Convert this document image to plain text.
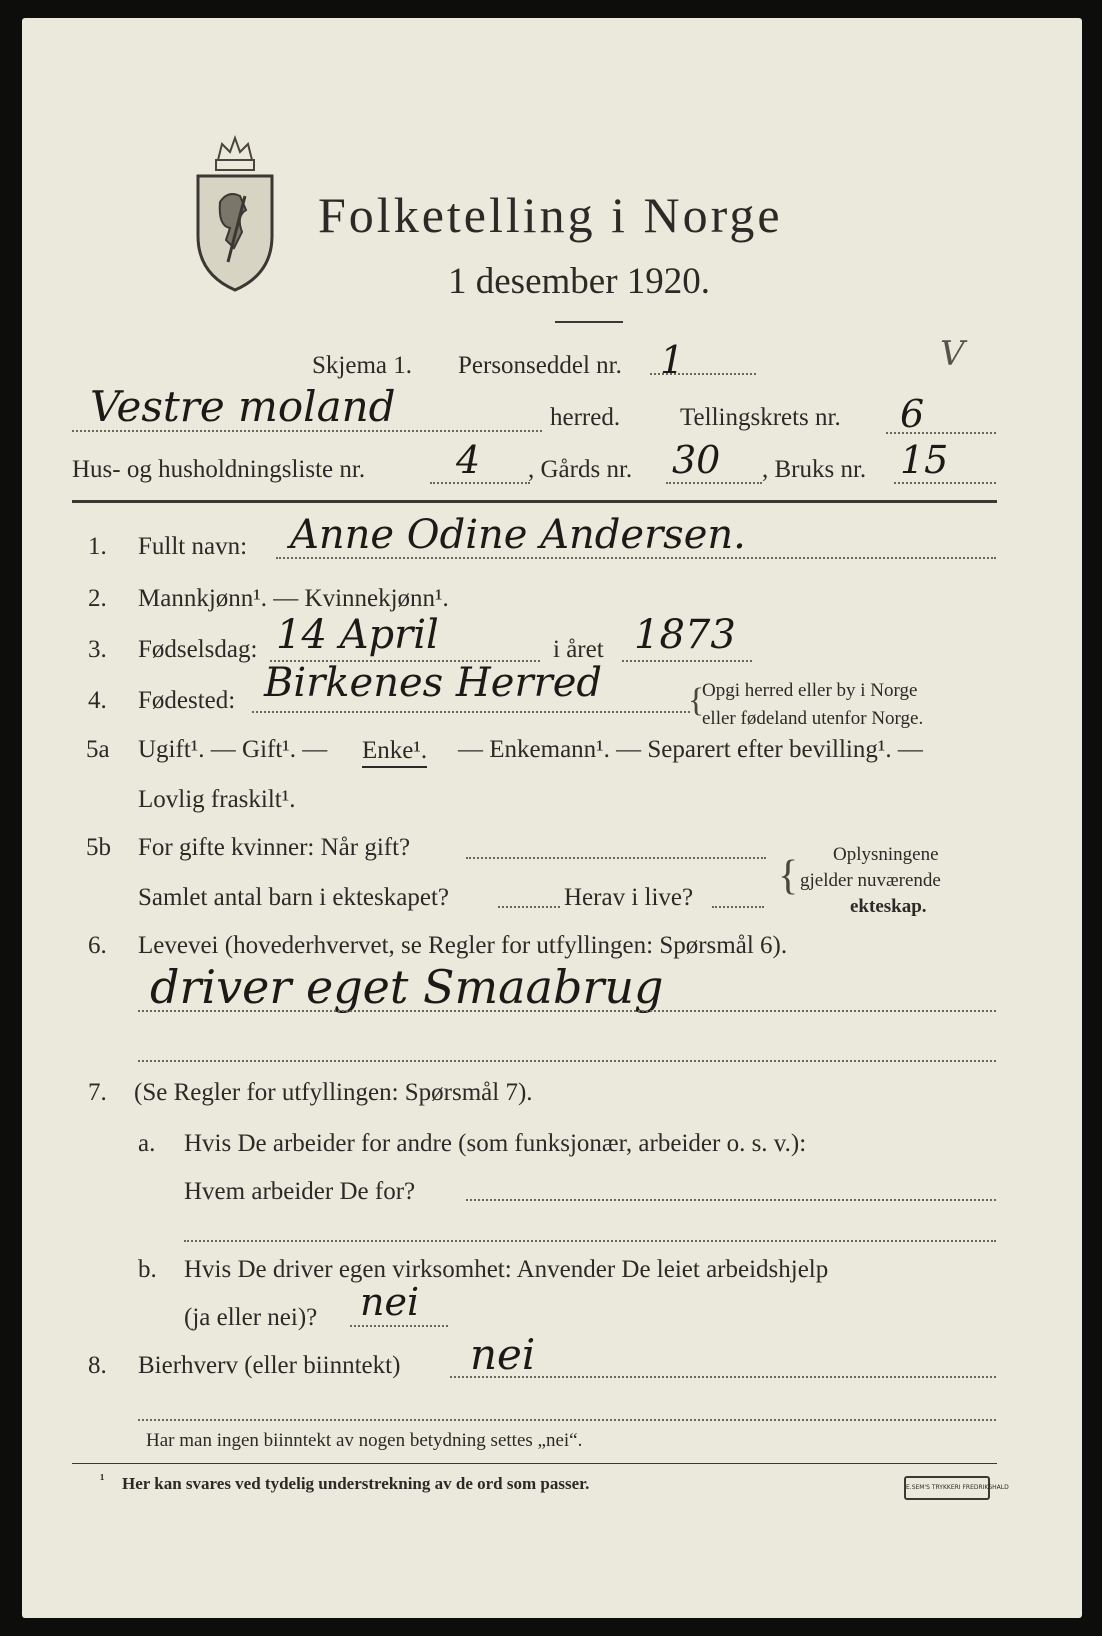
Folketelling i Norge
1 desember 1920.
Skjema 1. Personseddel nr. 1	V
Vestre moland	herred. Tellingskrets nr. 6
Hus- og husholdningsliste nr. 4 , Gårds nr. 30 , Bruks nr. 15
1. Fullt navn: Anne Odine Andersen.
2. Mannkjønn¹. — Kvinnekjønn¹.
3. Fødselsdag: 14 April	i året 1873
4. Fødested: Birkenes Herred	{
Opgi herred eller by i Norge
eller fødeland utenfor Norge.
5a Ugift¹. — Gift¹. — Enke¹. — Enkemann¹. — Separert efter bevilling¹. —
Lovlig fraskilt¹.
5b For gifte kvinner: Når gift?
Samlet antal barn i ekteskapet?	Herav i live? { Oplysningene
gjelder nuværende
ekteskap.
6. Levevei (hovederhvervet, se Regler for utfyllingen: Spørsmål 6).
driver eget Smaabrug
7. (Se Regler for utfyllingen: Spørsmål 7).
a. Hvis De arbeider for andre (som funksjonær, arbeider o. s. v.):
Hvem arbeider De for?
b. Hvis De driver egen virksomhet: Anvender De leiet arbeidshjelp
(ja eller nei)? nei
8. Bierhverv (eller biinntekt) nei
Har man ingen biinntekt av nogen betydning settes „nei“.
¹ Her kan svares ved tydelig understrekning av de ord som passer.	E.SEM'S TRYKKERI FREDRIKSHALD
